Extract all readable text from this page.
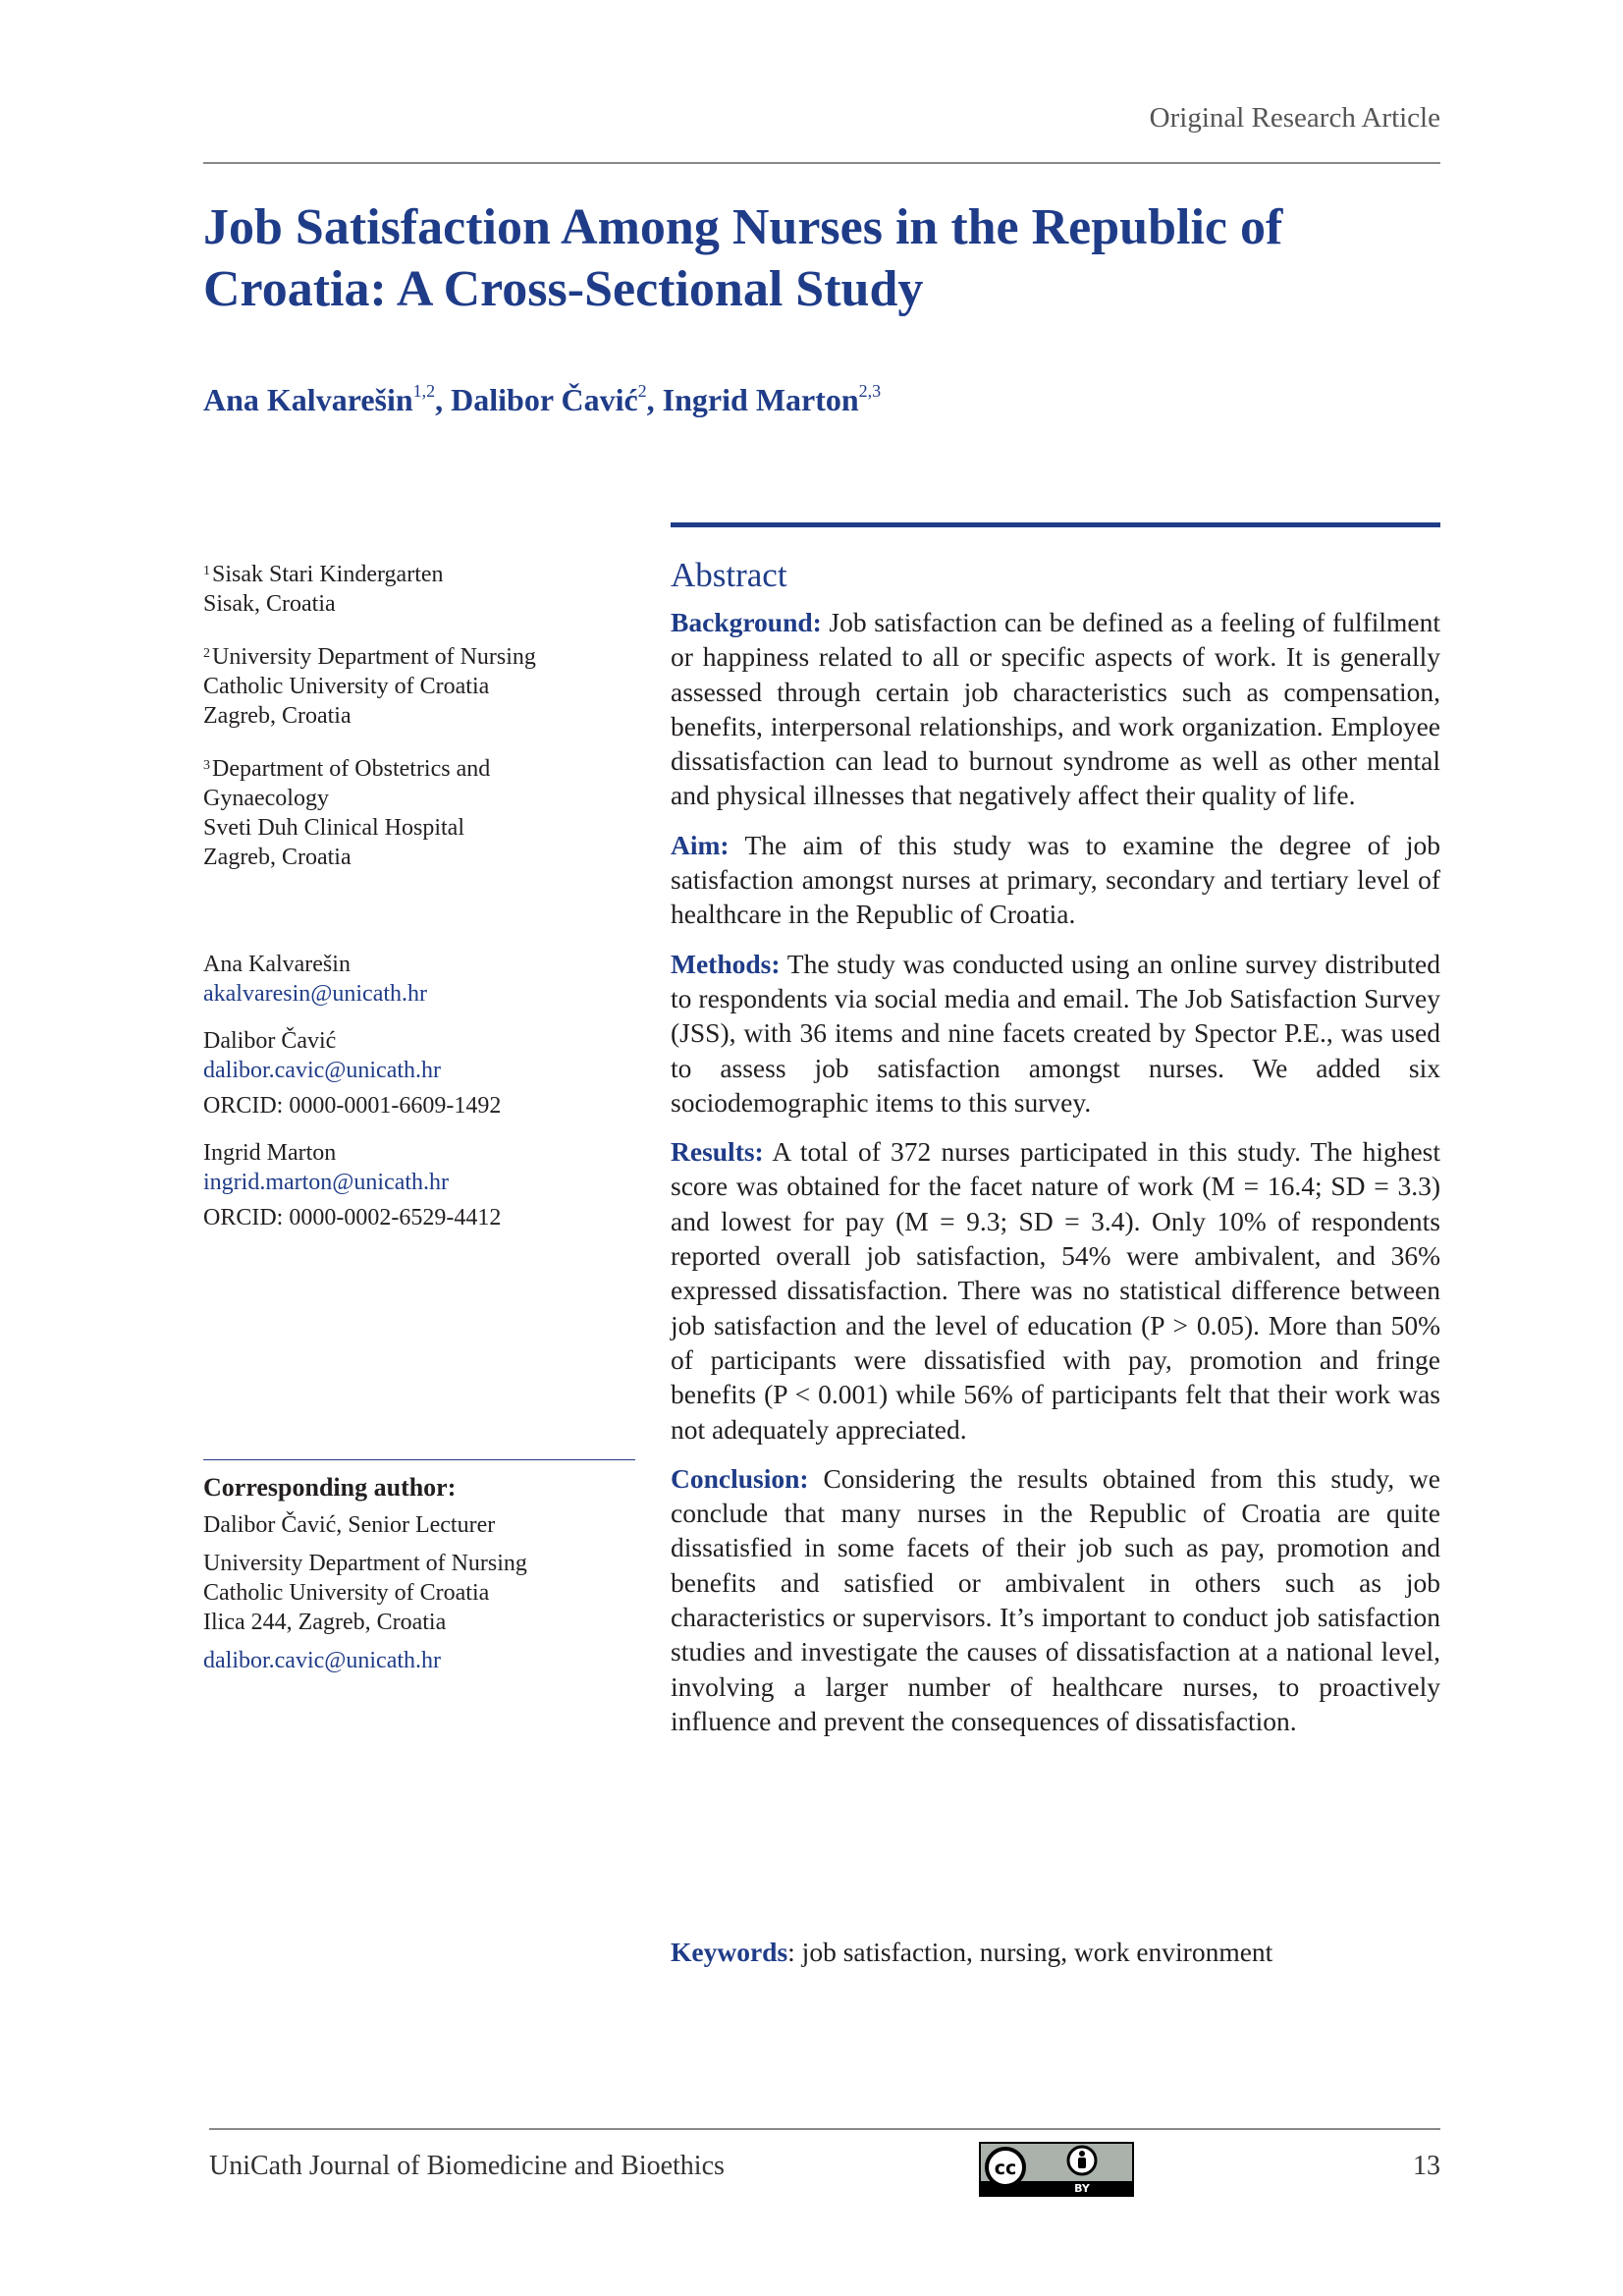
Original Research Article
Job Satisfaction Among Nurses in the Republic of Croatia: A Cross-Sectional Study
Ana Kalvarešin$^{1,2}$, Dalibor Čavić$^2$, Ingrid Marton$^{2,3}$
$^1$Sisak Stari Kindergarten
Sisak, Croatia
$^2$University Department of Nursing
Catholic University of Croatia
Zagreb, Croatia
$^3$Department of Obstetrics and
Gynaecology
Sveti Duh Clinical Hospital
Zagreb, Croatia
Ana Kalvarešin
akalvaresin@unicath.hr
Dalibor Čavić
dalibor.cavic@unicath.hr
ORCID: 0000-0001-6609-1492
Ingrid Marton
ingrid.marton@unicath.hr
ORCID: 0000-0002-6529-4412
Corresponding author:
Dalibor Čavić, Senior Lecturer
University Department of Nursing
Catholic University of Croatia
Ilica 244, Zagreb, Croatia
dalibor.cavic@unicath.hr
Abstract

Background: Job satisfaction can be defined as a feeling of fulfilment or happiness related to all or specific aspects of work. It is generally assessed through certain job characteristics such as compensation, benefits, interpersonal relationships, and work organization. Employee dissatisfaction can lead to burnout syndrome as well as other mental and physical illnesses that negatively affect their quality of life.

Aim: The aim of this study was to examine the degree of job satisfaction amongst nurses at primary, secondary and tertiary level of healthcare in the Republic of Croatia.

Methods: The study was conducted using an online survey distributed to respondents via social media and email. The Job Satisfaction Survey (JSS), with 36 items and nine facets created by Spector P.E., was used to assess job satisfaction amongst nurses. We added six sociodemographic items to this survey.

Results: A total of 372 nurses participated in this study. The highest score was obtained for the facet nature of work (M = 16.4; SD = 3.3) and lowest for pay (M = 9.3; SD = 3.4). Only 10% of respondents reported overall job satisfaction, 54% were ambivalent, and 36% expressed dissatisfaction. There was no statistical difference between job satisfaction and the level of education (P > 0.05). More than 50% of participants were dissatisfied with pay, promotion and fringe benefits (P < 0.001) while 56% of participants felt that their work was not adequately appreciated.

Conclusion: Considering the results obtained from this study, we conclude that many nurses in the Republic of Croatia are quite dissatisfied in some facets of their job such as pay, promotion and benefits and satisfied or ambivalent in others such as job characteristics or supervisors. It’s important to conduct job satisfaction studies and investigate the causes of dissatisfaction at a national level, involving a larger number of healthcare nurses, to proactively influence and prevent the consequences of dissatisfaction.

Keywords: job satisfaction, nursing, work environment
UniCath Journal of Biomedicine and Bioethics	cc
BY
13
